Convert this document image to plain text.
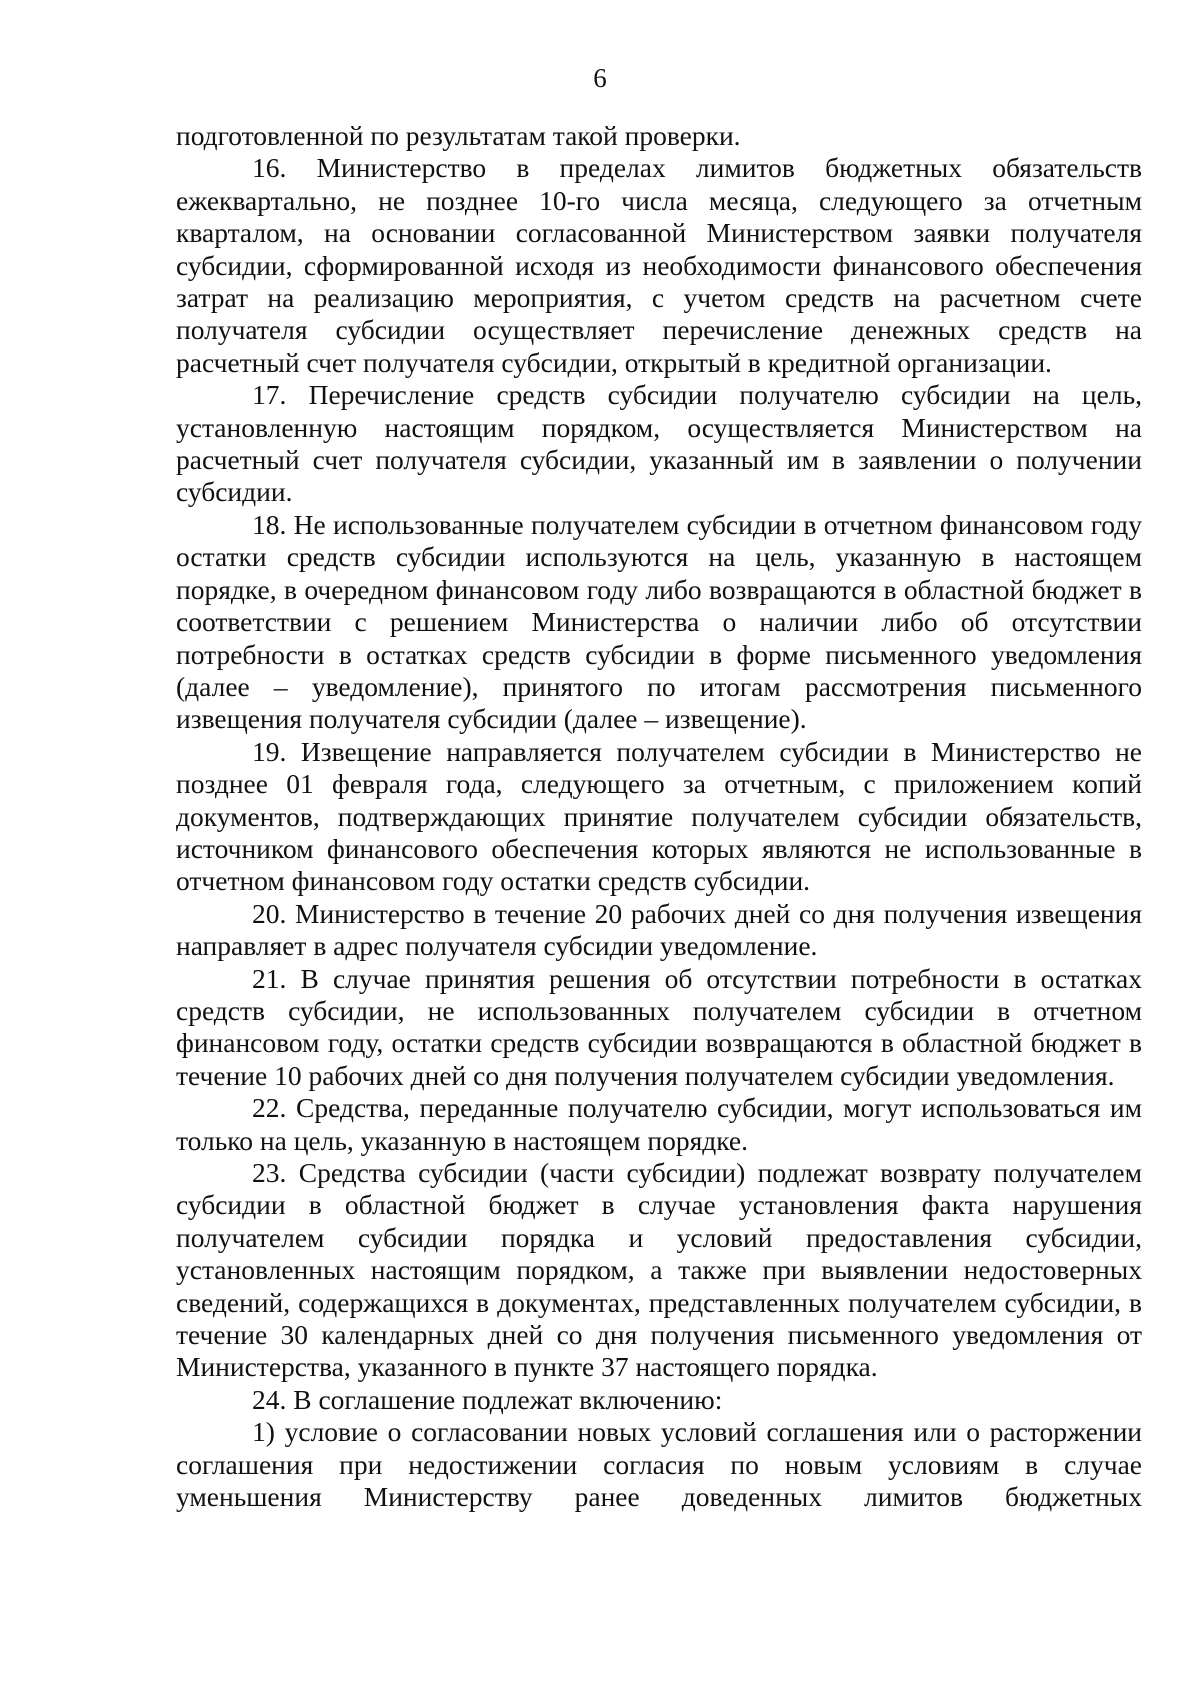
6

подготовленной по результатам такой проверки.

16. Министерство в пределах лимитов бюджетных обязательств ежеквартально, не позднее 10-го числа месяца, следующего за отчетным кварталом, на основании согласованной Министерством заявки получателя субсидии, сформированной исходя из необходимости финансового обеспечения затрат на реализацию мероприятия, с учетом средств на расчетном счете получателя субсидии осуществляет перечисление денежных средств на расчетный счет получателя субсидии, открытый в кредитной организации.

17. Перечисление средств субсидии получателю субсидии на цель, установленную настоящим порядком, осуществляется Министерством на расчетный счет получателя субсидии, указанный им в заявлении о получении субсидии.

18. Не использованные получателем субсидии в отчетном финансовом году остатки средств субсидии используются на цель, указанную в настоящем порядке, в очередном финансовом году либо возвращаются в областной бюджет в соответствии с решением Министерства о наличии либо об отсутствии потребности в остатках средств субсидии в форме письменного уведомления (далее – уведомление), принятого по итогам рассмотрения письменного извещения получателя субсидии (далее – извещение).

19. Извещение направляется получателем субсидии в Министерство не позднее 01 февраля года, следующего за отчетным, с приложением копий документов, подтверждающих принятие получателем субсидии обязательств, источником финансового обеспечения которых являются не использованные в отчетном финансовом году остатки средств субсидии.

20. Министерство в течение 20 рабочих дней со дня получения извещения направляет в адрес получателя субсидии уведомление.

21. В случае принятия решения об отсутствии потребности в остатках средств субсидии, не использованных получателем субсидии в отчетном финансовом году, остатки средств субсидии возвращаются в областной бюджет в течение 10 рабочих дней со дня получения получателем субсидии уведомления.

22. Средства, переданные получателю субсидии, могут использоваться им только на цель, указанную в настоящем порядке.

23. Средства субсидии (части субсидии) подлежат возврату получателем субсидии в областной бюджет в случае установления факта нарушения получателем субсидии порядка и условий предоставления субсидии, установленных настоящим порядком, а также при выявлении недостоверных сведений, содержащихся в документах, представленных получателем субсидии, в течение 30 календарных дней со дня получения письменного уведомления от Министерства, указанного в пункте 37 настоящего порядка.

24. В соглашение подлежат включению:

1) условие о согласовании новых условий соглашения или о расторжении соглашения при недостижении согласия по новым условиям в случае уменьшения Министерству ранее доведенных лимитов бюджетных
